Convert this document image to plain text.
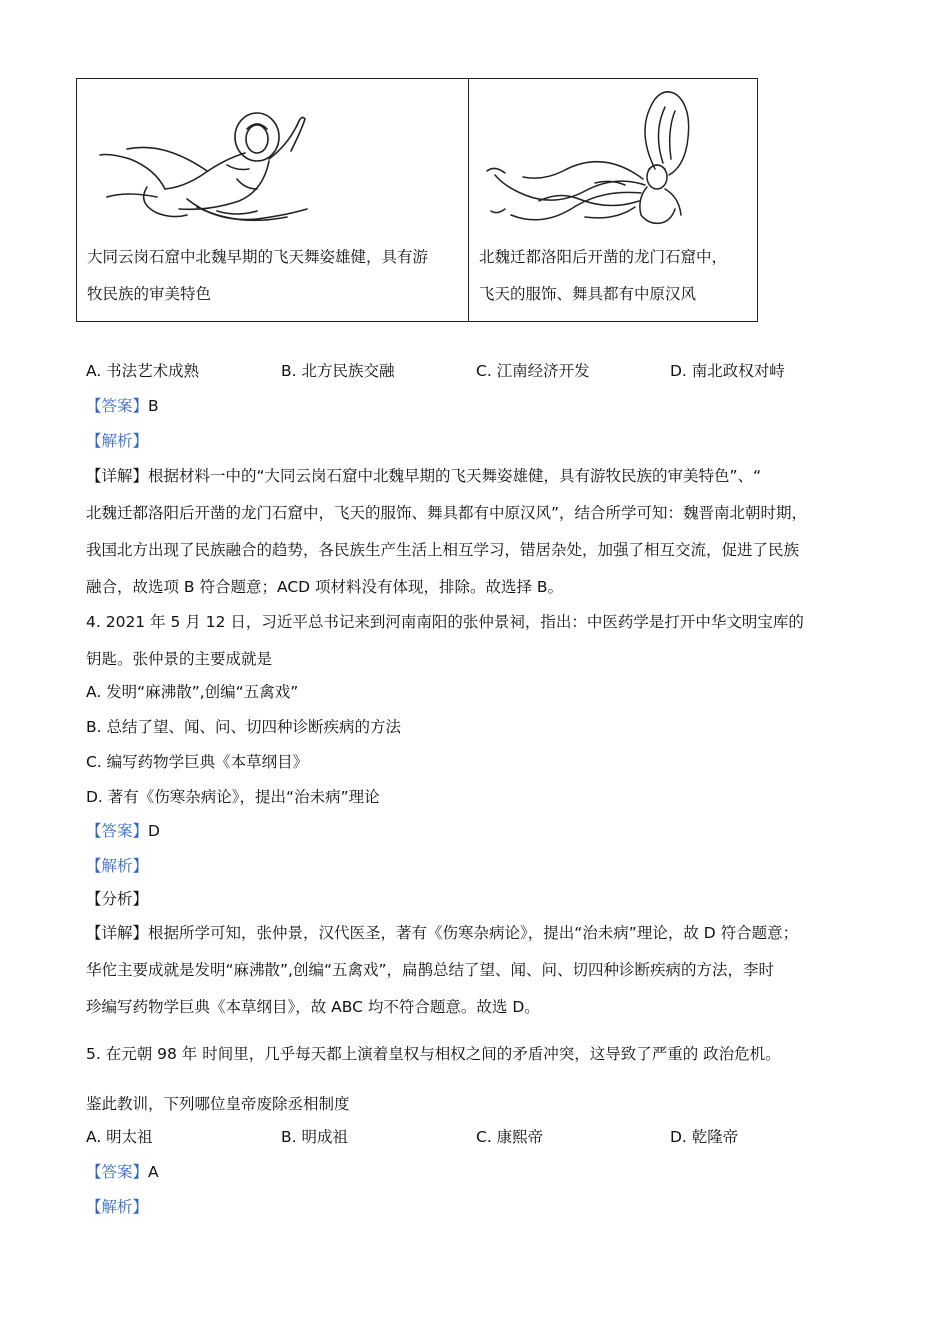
大同云岗石窟中北魏早期的飞天舞姿雄健，具有游
牧民族的审美特色
北魏迁都洛阳后开凿的龙门石窟中，
飞天的服饰、舞具都有中原汉风
A. 书法艺术成熟	B. 北方民族交融	C. 江南经济开发	D. 南北政权对峙
【答案】B
【解析】
【详解】根据材料一中的“大同云岗石窟中北魏早期的飞天舞姿雄健，具有游牧民族的审美特色”、“
北魏迁都洛阳后开凿的龙门石窟中，飞天的服饰、舞具都有中原汉风”，结合所学可知：魏晋南北朝时期，
我国北方出现了民族融合的趋势，各民族生产生活上相互学习，错居杂处，加强了相互交流，促进了民族
融合，故选项 B 符合题意；ACD 项材料没有体现，排除。故选择 B。
4. 2021 年 5 月 12 日，习近平总书记来到河南南阳的张仲景祠，指出：中医药学是打开中华文明宝库的
钥匙。张仲景的主要成就是
A. 发明“麻沸散”,创编“五禽戏”
B. 总结了望、闻、问、切四种诊断疾病的方法
C. 编写药物学巨典《本草纲目》
D. 著有《伤寒杂病论》，提出“治未病”理论
【答案】D
【解析】
【分析】
【详解】根据所学可知，张仲景，汉代医圣，著有《伤寒杂病论》，提出“治未病”理论，故 D 符合题意；
华佗主要成就是发明“麻沸散”,创编“五禽戏”，扁鹊总结了望、闻、问、切四种诊断疾病的方法，李时
珍编写药物学巨典《本草纲目》，故 ABC 均不符合题意。故选 D。
5. 在元朝 98 年 时间里，几乎每天都上演着皇权与相权之间的矛盾冲突，这导致了严重的 政治危机。
鉴此教训，下列哪位皇帝废除丞相制度
A. 明太祖	B. 明成祖	C. 康熙帝	D. 乾隆帝
【答案】A
【解析】
